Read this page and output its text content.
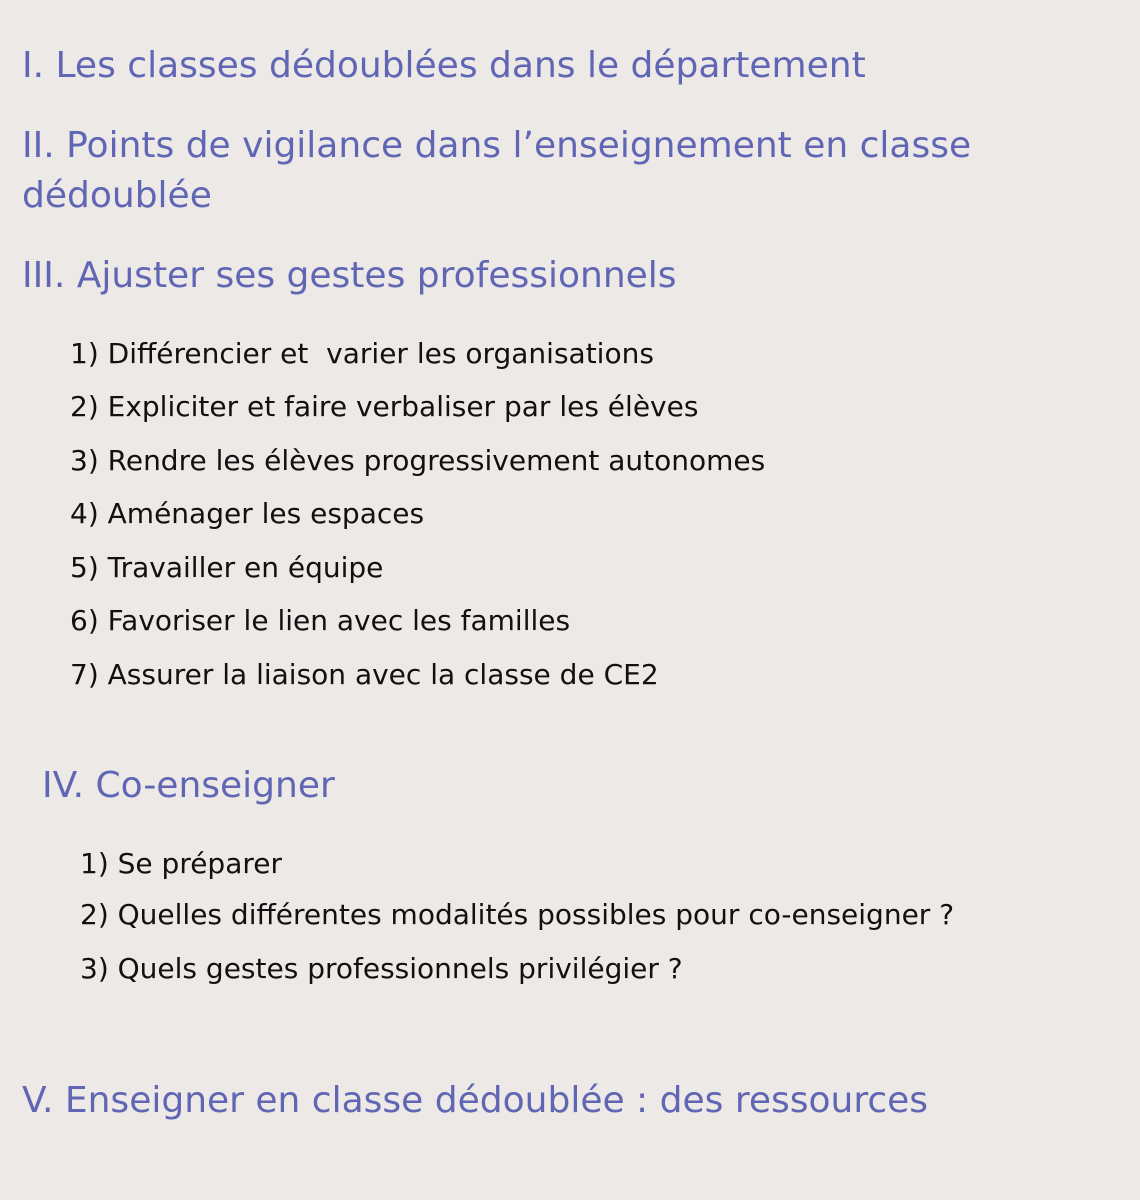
I. Les classes dédoublées dans le département
II. Points de vigilance dans l’enseignement en classe dédoublée
III. Ajuster ses gestes professionnels

1) Différencier et  varier les organisations

2) Expliciter et faire verbaliser par les élèves

3) Rendre les élèves progressivement autonomes

4) Aménager les espaces

5) Travailler en équipe

6) Favoriser le lien avec les familles

7) Assurer la liaison avec la classe de CE2

IV. Co-enseigner

1) Se préparer

2) Quelles différentes modalités possibles pour co-enseigner ?

3) Quels gestes professionnels privilégier ?

V. Enseigner en classe dédoublée : des ressources
